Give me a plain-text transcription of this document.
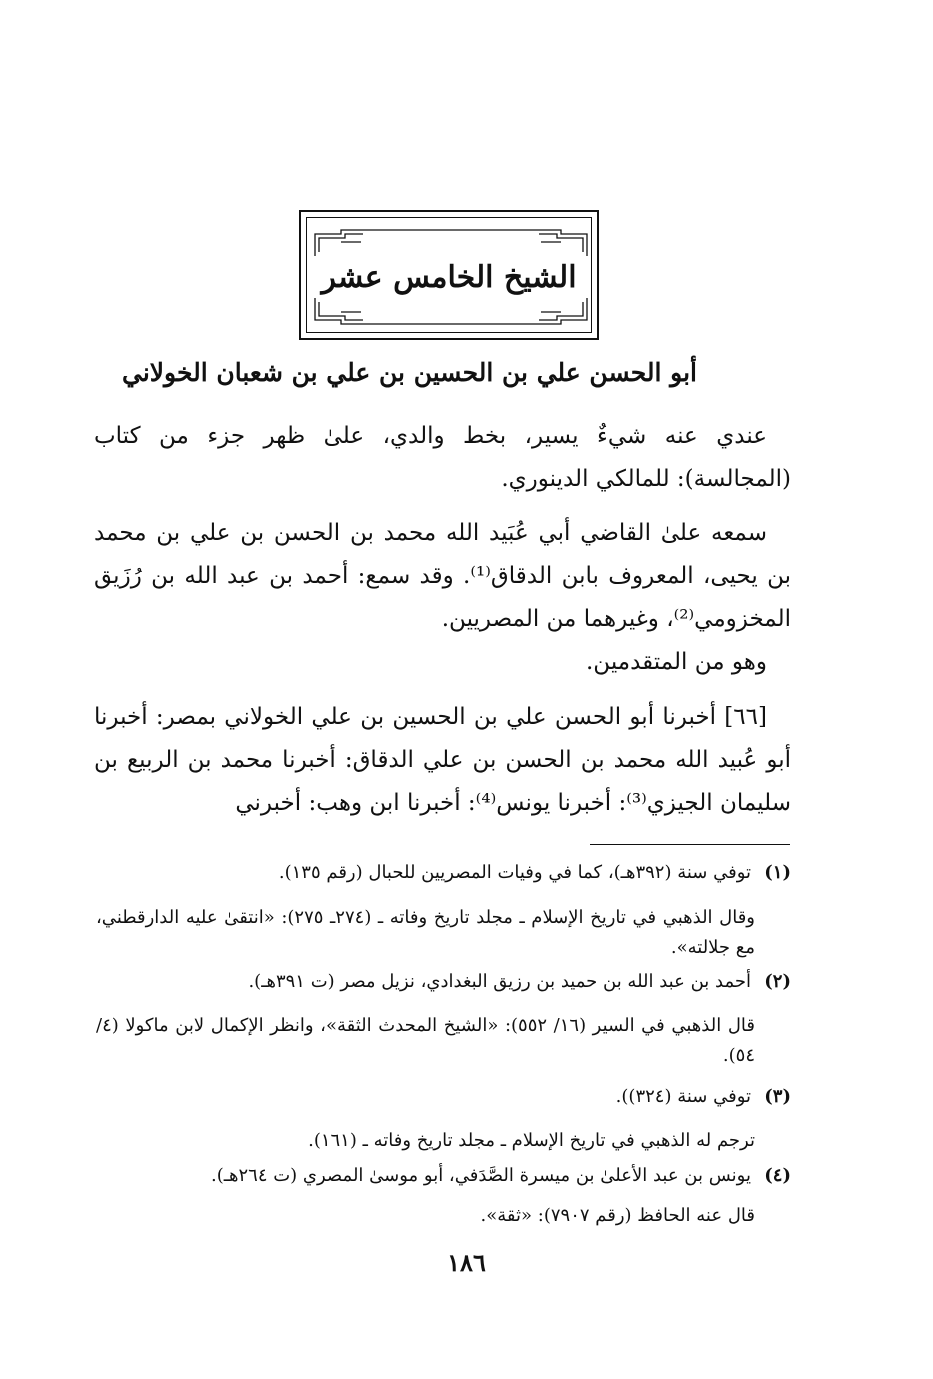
الشيخ الخامس عشر
أبو الحسن علي بن الحسين بن علي بن شعبان الخولاني
عندي عنه شيءٌ يسير، بخط والدي، علىٰ ظهر جزء من كتاب (المجالسة): للمالكي الدينوري.
سمعه علىٰ القاضي أبي عُبَيد الله محمد بن الحسن بن علي بن محمد بن يحيى، المعروف بابن الدقاق⁽¹⁾. وقد سمع: أحمد بن عبد الله بن رُزَيق المخزومي⁽²⁾، وغيرهما من المصريين.
وهو من المتقدمين.
[٦٦] أخبرنا أبو الحسن علي بن الحسين بن علي الخولاني بمصر: أخبرنا أبو عُبيد الله محمد بن الحسن بن علي الدقاق: أخبرنا محمد بن الربيع بن سليمان الجيزي⁽³⁾: أخبرنا يونس⁽⁴⁾: أخبرنا ابن وهب: أخبرني
(١)توفي سنة (٣٩٢هـ)، كما في وفيات المصريين للحبال (رقم ١٣٥).
وقال الذهبي في تاريخ الإسلام ـ مجلد تاريخ وفاته ـ (٢٧٤ـ ٢٧٥): «انتقىٰ عليه الدارقطني، مع جلالته».
(٢)أحمد بن عبد الله بن حميد بن رزيق البغدادي، نزيل مصر (ت ٣٩١هـ).
قال الذهبي في السير (١٦/ ٥٥٢): «الشيخ المحدث الثقة»، وانظر الإكمال لابن ماكولا (٤/ ٥٤).
(٣)توفي سنة (٣٢٤)).
ترجم له الذهبي في تاريخ الإسلام ـ مجلد تاريخ وفاته ـ (١٦١).
(٤)يونس بن عبد الأعلىٰ بن ميسرة الصَّدَفي، أبو موسىٰ المصري (ت ٢٦٤هـ).
قال عنه الحافظ (رقم ٧٩٠٧): «ثقة».
١٨٦
